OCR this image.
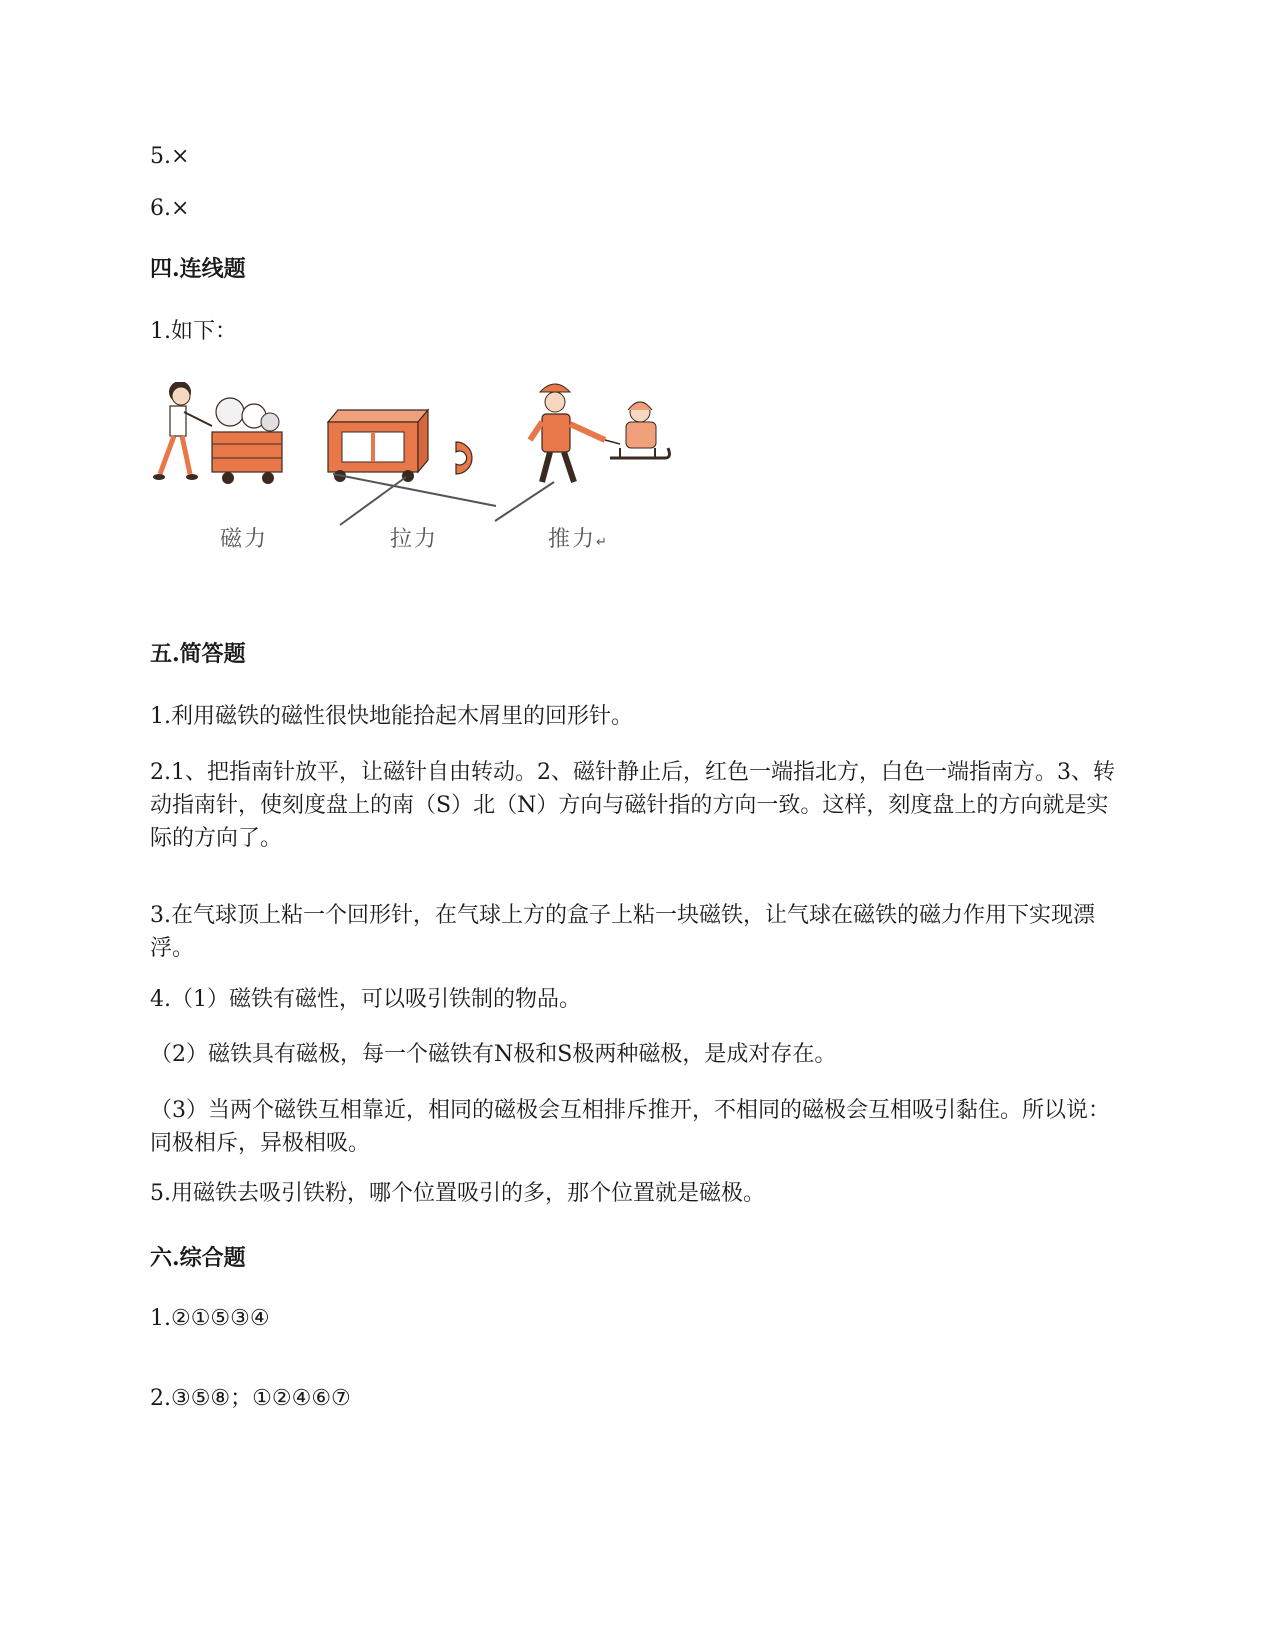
5.×
6.×
四.连线题
1.如下：
磁力	拉力	推力↵
五.简答题
1.利用磁铁的磁性很快地能拾起木屑里的回形针。
2.1、把指南针放平，让磁针自由转动。2、磁针静止后，红色一端指北方，白色一端指南方。3、转动指南针，使刻度盘上的南（S）北（N）方向与磁针指的方向一致。这样，刻度盘上的方向就是实际的方向了。
3.在气球顶上粘一个回形针，在气球上方的盒子上粘一块磁铁，让气球在磁铁的磁力作用下实现漂浮。
4.（1）磁铁有磁性，可以吸引铁制的物品。
（2）磁铁具有磁极，每一个磁铁有N极和S极两种磁极，是成对存在。
（3）当两个磁铁互相靠近，相同的磁极会互相排斥推开，不相同的磁极会互相吸引黏住。所以说：同极相斥，异极相吸。
5.用磁铁去吸引铁粉，哪个位置吸引的多，那个位置就是磁极。
六.综合题
1.②①⑤③④
2.③⑤⑧；①②④⑥⑦
